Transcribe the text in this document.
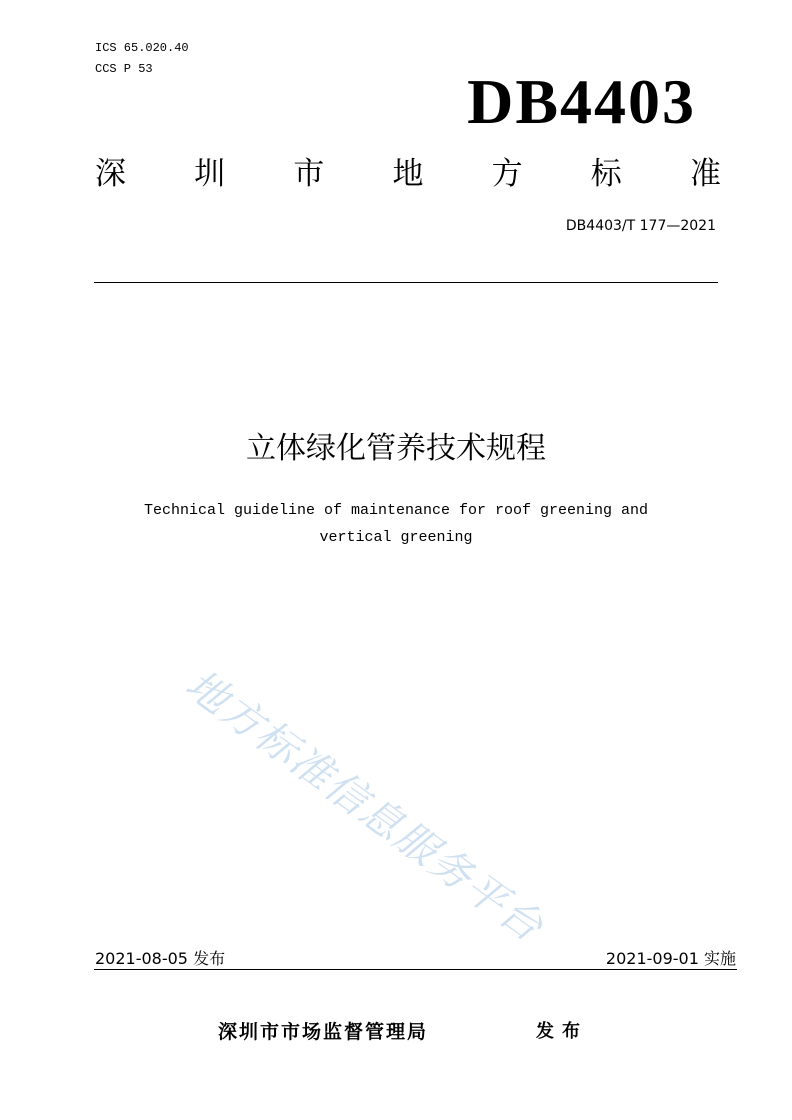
ICS 65.020.40
CCS P 53	DB4403
深 圳 市 地 方 标 准
DB4403/T 177—2021
立体绿化管养技术规程
Technical guideline of maintenance for roof greening and
vertical greening
地方标准信息服务平台
2021-08-05 发布	2021-09-01 实施
深圳市市场监督管理局	发布
